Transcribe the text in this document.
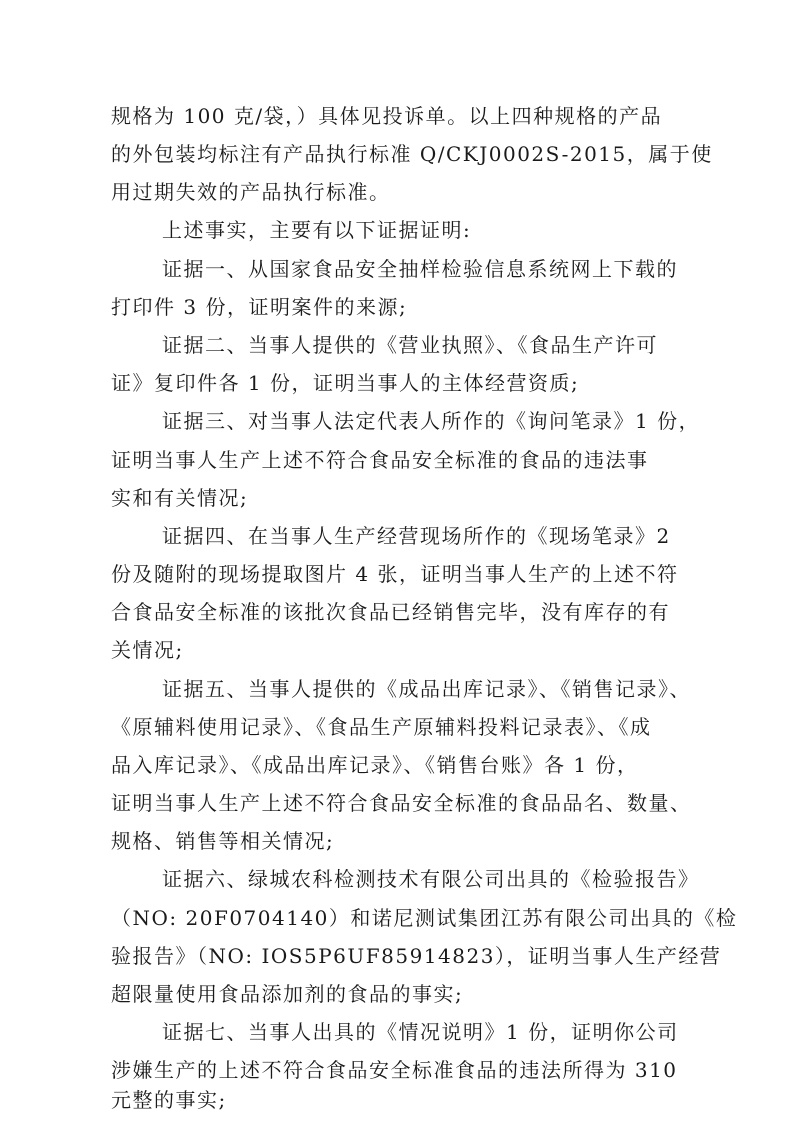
规格为 100 克/袋，）具体见投诉单。以上四种规格的产品
的外包装均标注有产品执行标准 Q/CKJ0002S-2015，属于使
用过期失效的产品执行标准。
上述事实，主要有以下证据证明:
证据一、从国家食品安全抽样检验信息系统网上下载的
打印件 3 份，证明案件的来源;
证据二、当事人提供的《营业执照》、《食品生产许可
证》复印件各 1 份，证明当事人的主体经营资质;
证据三、对当事人法定代表人所作的《询问笔录》1 份，
证明当事人生产上述不符合食品安全标准的食品的违法事
实和有关情况;
证据四、在当事人生产经营现场所作的《现场笔录》2
份及随附的现场提取图片 4 张，证明当事人生产的上述不符
合食品安全标准的该批次食品已经销售完毕，没有库存的有
关情况;
证据五、当事人提供的《成品出库记录》、《销售记录》、
《原辅料使用记录》、《食品生产原辅料投料记录表》、《成
品入库记录》、《成品出库记录》、《销售台账》各 1 份，
证明当事人生产上述不符合食品安全标准的食品品名、数量、
规格、销售等相关情况;
证据六、绿城农科检测技术有限公司出具的《检验报告》
（NO: 20F0704140）和诺尼测试集团江苏有限公司出具的《检
验报告》（NO: IOS5P6UF85914823），证明当事人生产经营
超限量使用食品添加剂的食品的事实;
证据七、当事人出具的《情况说明》1 份，证明你公司
涉嫌生产的上述不符合食品安全标准食品的违法所得为 310
元整的事实;
